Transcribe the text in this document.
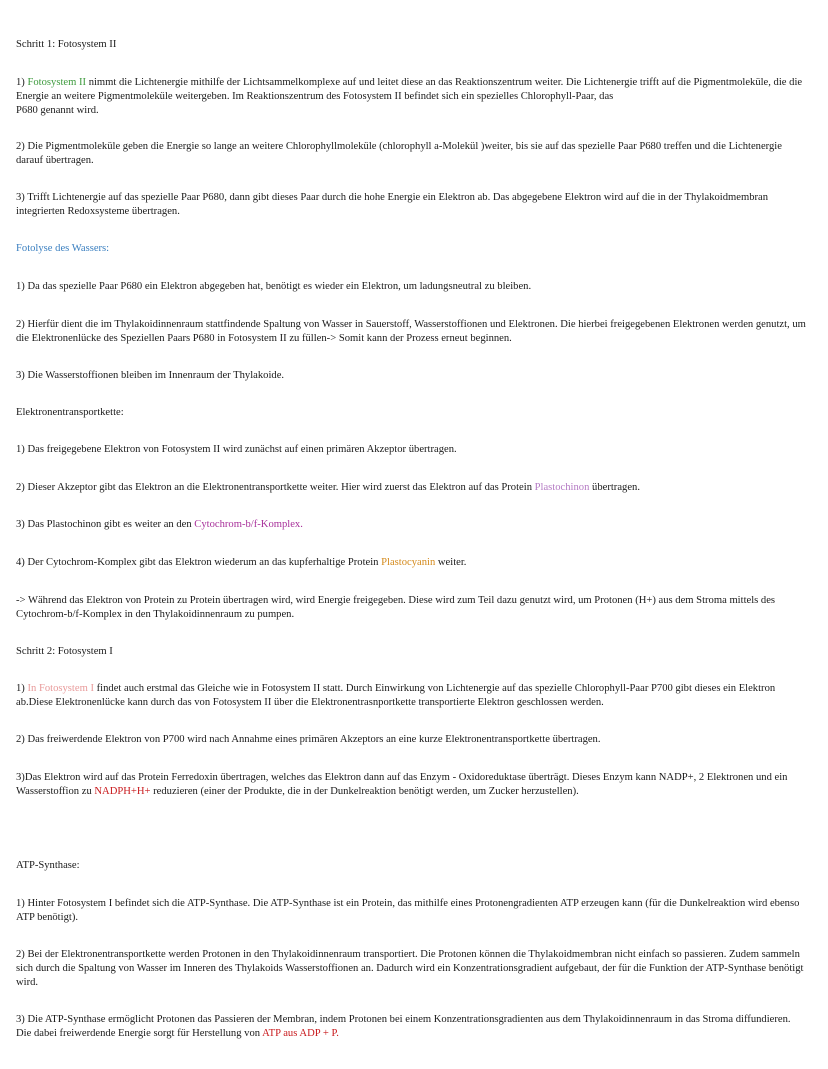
Schritt 1: Fotosystem II

1) Fotosystem II nimmt die Lichtenergie mithilfe der Lichtsammelkomplexe auf und leitet diese an das Reaktionszentrum weiter. Die Lichtenergie trifft auf die Pigmentmoleküle, die die Energie an weitere Pigmentmoleküle weitergeben. Im Reaktionszentrum des Fotosystem II befindet sich ein spezielles Chlorophyll-Paar, das

P680 genannt wird.

2) Die Pigmentmoleküle geben die Energie so lange an weitere Chlorophyllmoleküle (chlorophyll a-Molekül )weiter, bis sie auf das spezielle Paar P680 treffen und die Lichtenergie darauf übertragen.

3) Trifft Lichtenergie auf das spezielle Paar P680, dann gibt dieses Paar durch die hohe Energie ein Elektron ab. Das abgegebene Elektron wird auf die in der Thylakoidmembran integrierten Redoxsysteme übertragen.

Fotolyse des Wassers:

1) Da das spezielle Paar P680 ein Elektron abgegeben hat, benötigt es wieder ein Elektron, um ladungsneutral zu bleiben.

2) Hierfür dient die im Thylakoidinnenraum stattfindende Spaltung von Wasser in Sauerstoff, Wasserstoffionen und Elektronen. Die hierbei freigegebenen Elektronen werden genutzt, um die Elektronenlücke des Speziellen Paars P680 in Fotosystem II zu füllen-> Somit kann der Prozess erneut beginnen.

3) Die Wasserstoffionen bleiben im Innenraum der Thylakoide.

Elektronentransportkette:

1) Das freigegebene Elektron von Fotosystem II wird zunächst auf einen primären Akzeptor übertragen.

2) Dieser Akzeptor gibt das Elektron an die Elektronentransportkette weiter. Hier wird zuerst das Elektron auf das Protein Plastochinon übertragen.

3) Das Plastochinon gibt es weiter an den Cytochrom-b/f-Komplex.

4) Der Cytochrom-Komplex gibt das Elektron wiederum an das kupferhaltige Protein Plastocyanin weiter.

-> Während das Elektron von Protein zu Protein übertragen wird, wird Energie freigegeben. Diese wird zum Teil dazu genutzt wird, um Protonen (H+) aus dem Stroma mittels des Cytochrom-b/f-Komplex in den Thylakoidinnenraum zu pumpen.

Schritt 2: Fotosystem I

1) In Fotosystem I findet auch erstmal das Gleiche wie in Fotosystem II statt. Durch Einwirkung von Lichtenergie auf das spezielle Chlorophyll-Paar P700 gibt dieses ein Elektron ab.Diese Elektronenlücke kann durch das von Fotosystem II über die Elektronentrasnportkette transportierte Elektron geschlossen werden.

2) Das freiwerdende Elektron von P700 wird nach Annahme eines primären Akzeptors an eine kurze Elektronentransportkette übertragen.

3)Das Elektron wird auf das Protein Ferredoxin übertragen, welches das Elektron dann auf das Enzym - Oxidoreduktase überträgt. Dieses Enzym kann NADP+, 2 Elektronen und ein Wasserstoffion zu NADPH+H+ reduzieren (einer der Produkte, die in der Dunkelreaktion benötigt werden, um Zucker herzustellen).

ATP-Synthase:

1) Hinter Fotosystem I befindet sich die ATP-Synthase. Die ATP-Synthase ist ein Protein, das mithilfe eines Protonengradienten ATP erzeugen kann (für die Dunkelreaktion wird ebenso ATP benötigt).

2) Bei der Elektronentransportkette werden Protonen in den Thylakoidinnenraum transportiert. Die Protonen können die Thylakoidmembran nicht einfach so passieren. Zudem sammeln sich durch die Spaltung von Wasser im Inneren des Thylakoids Wasserstoffionen an. Dadurch wird ein Konzentrationsgradient aufgebaut, der für die Funktion der ATP-Synthase benötigt wird.

3) Die ATP-Synthase ermöglicht Protonen das Passieren der Membran, indem Protonen bei einem Konzentrationsgradienten aus dem Thylakoidinnenraum in das Stroma diffundieren. Die dabei freiwerdende Energie sorgt für Herstellung von ATP aus ADP + P.
